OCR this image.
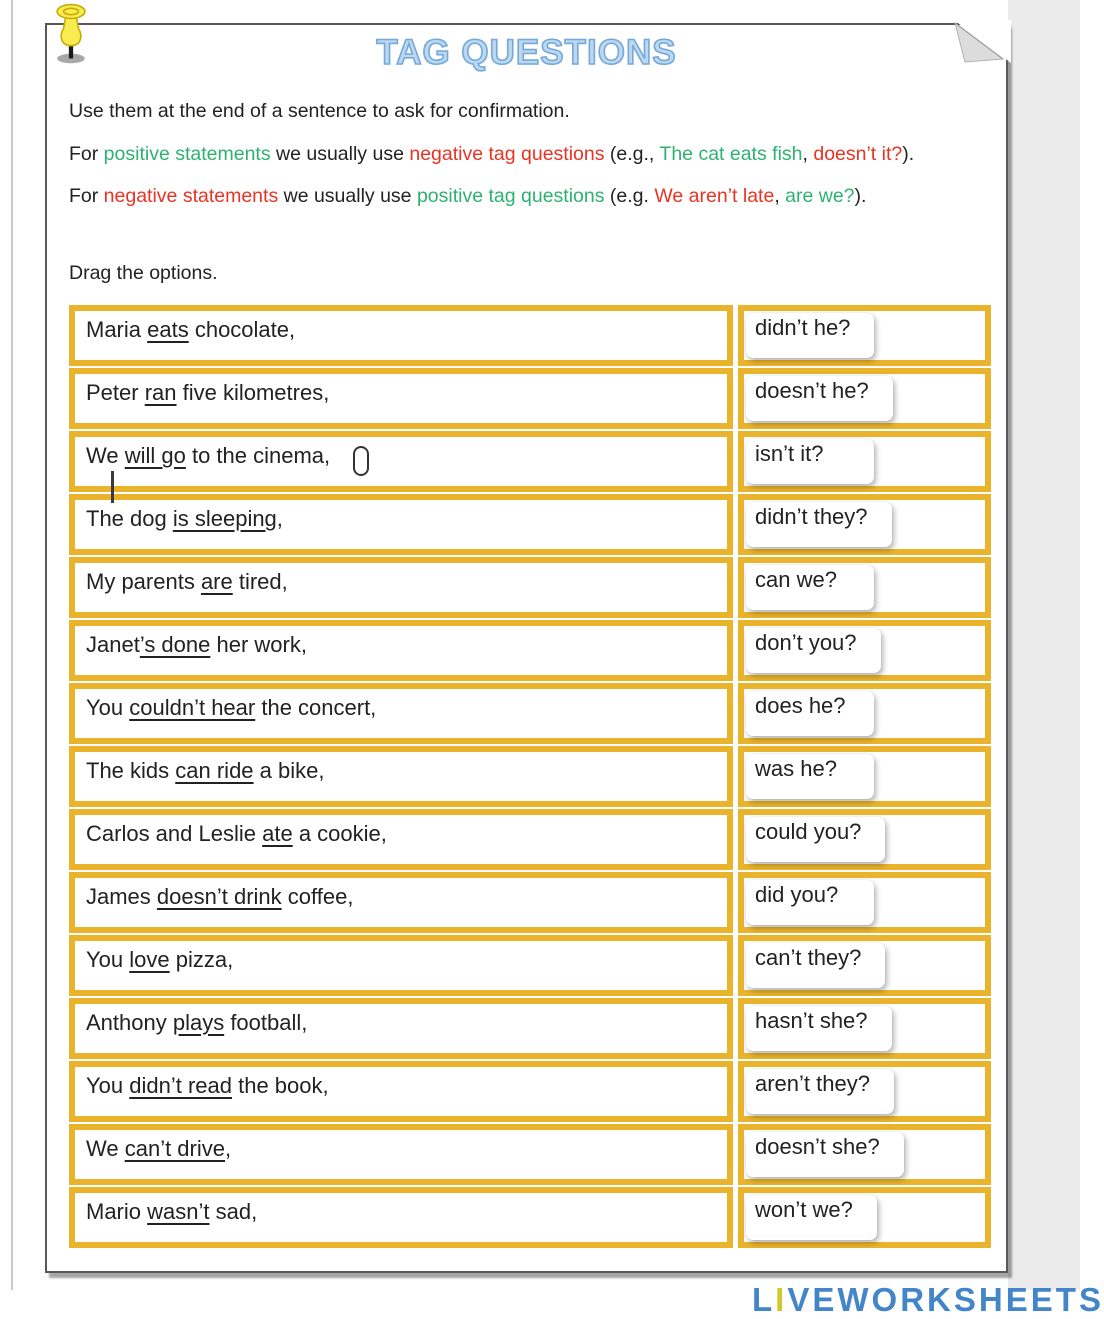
TAG QUESTIONS

Use them at the end of a sentence to ask for confirmation.

For positive statements we usually use negative tag questions (e.g., The cat eats fish, doesn’t it?).

For negative statements we usually use positive tag questions (e.g. We aren’t late, are we?).

Drag the options.

Maria eats chocolate,	didn’t he?
Peter ran five kilometres,	doesn’t he?
We will go to the cinema,	isn’t it?
The dog is sleeping,	didn’t they?
My parents are tired,	can we?
Janet’s done her work,	don’t you?
You couldn’t hear the concert,	does he?
The kids can ride a bike,	was he?
Carlos and Leslie ate a cookie,	could you?
James doesn’t drink coffee,	did you?
You love pizza,	can’t they?
Anthony plays football,	hasn’t she?
You didn’t read the book,	aren’t they?
We can’t drive,	doesn’t she?
Mario wasn’t sad,	won’t we?
LIVEWORKSHEETS
